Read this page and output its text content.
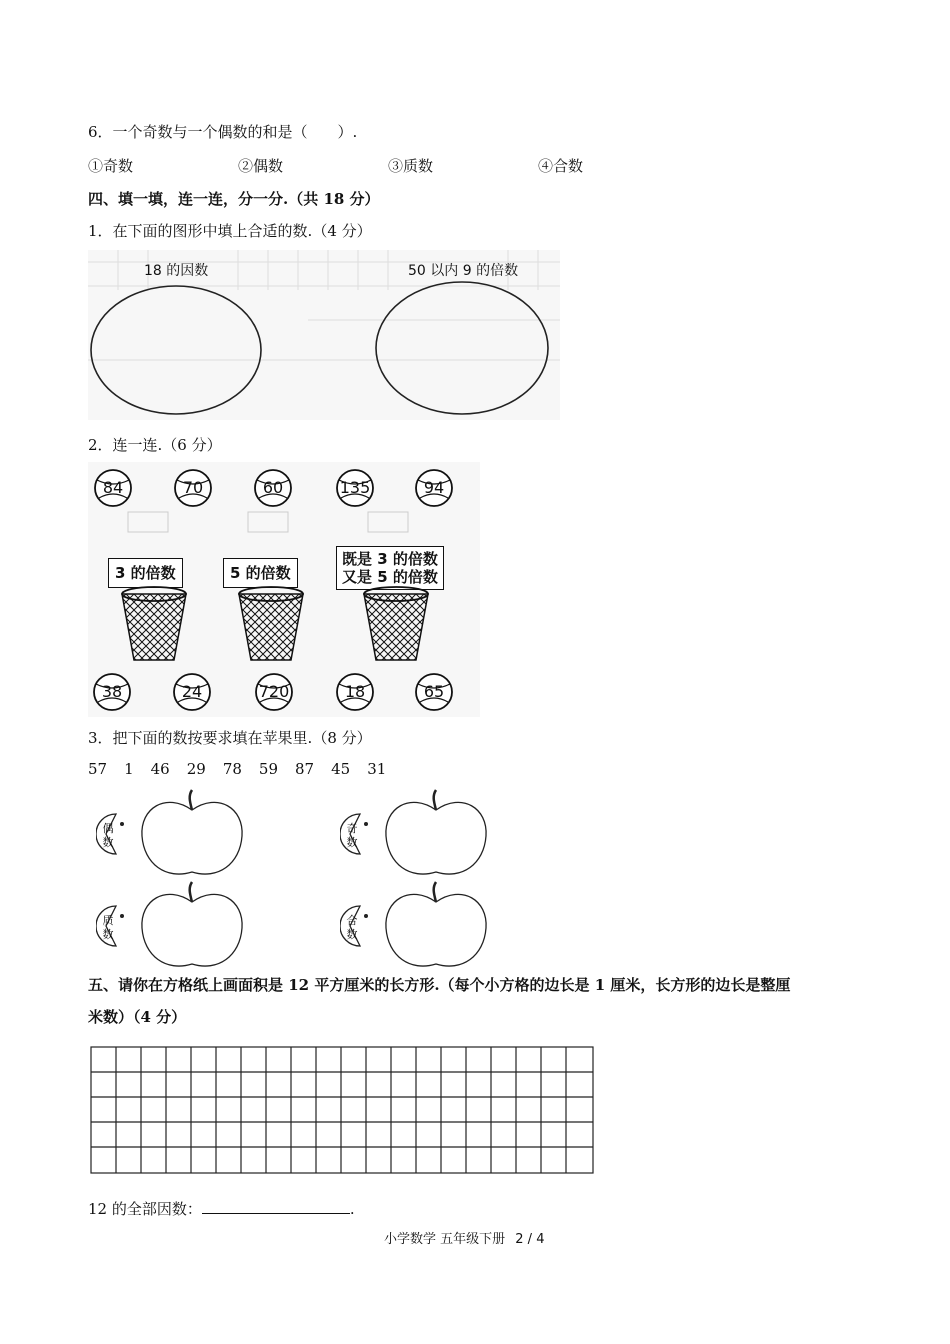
6．一个奇数与一个偶数的和是（　　）.
①奇数	②偶数	③质数	④合数
四、填一填，连一连，分一分.（共 18 分）
1．在下面的图形中填上合适的数.（4 分）
18 的因数	50 以内 9 的倍数
2．连一连.（6 分）
84	70	60	135	94
3 的倍数	5 的倍数
既是 3 的倍数
又是 5 的倍数
38	24	720	18	65
3．把下面的数按要求填在苹果里.（8 分）
57 1 46 29 78 59 87 45 31
偶
数
奇
数
质
数
合
数
五、请你在方格纸上画面积是 12 平方厘米的长方形.（每个小方格的边长是 1 厘米，长方形的边长是整厘
米数）（4 分）
12 的全部因数：	.
小学数学 五年级下册 2 / 4
